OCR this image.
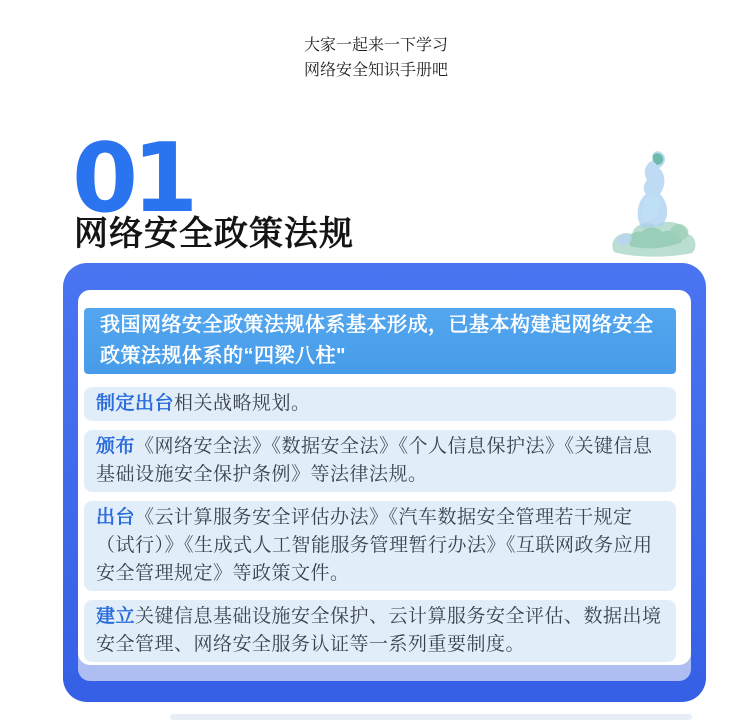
大家一起来一下学习
网络安全知识手册吧
01
网络安全政策法规
我国网络安全政策法规体系基本形成，已基本构建起网络安全政策法规体系的“四梁八柱"
制定出台相关战略规划。
颁布《网络安全法》《数据安全法》《个人信息保护法》《关键信息基础设施安全保护条例》等法律法规。
出台《云计算服务安全评估办法》《汽车数据安全管理若干规定（试行）》《生成式人工智能服务管理暂行办法》《互联网政务应用安全管理规定》等政策文件。
建立关键信息基础设施安全保护、云计算服务安全评估、数据出境安全管理、网络安全服务认证等一系列重要制度。
